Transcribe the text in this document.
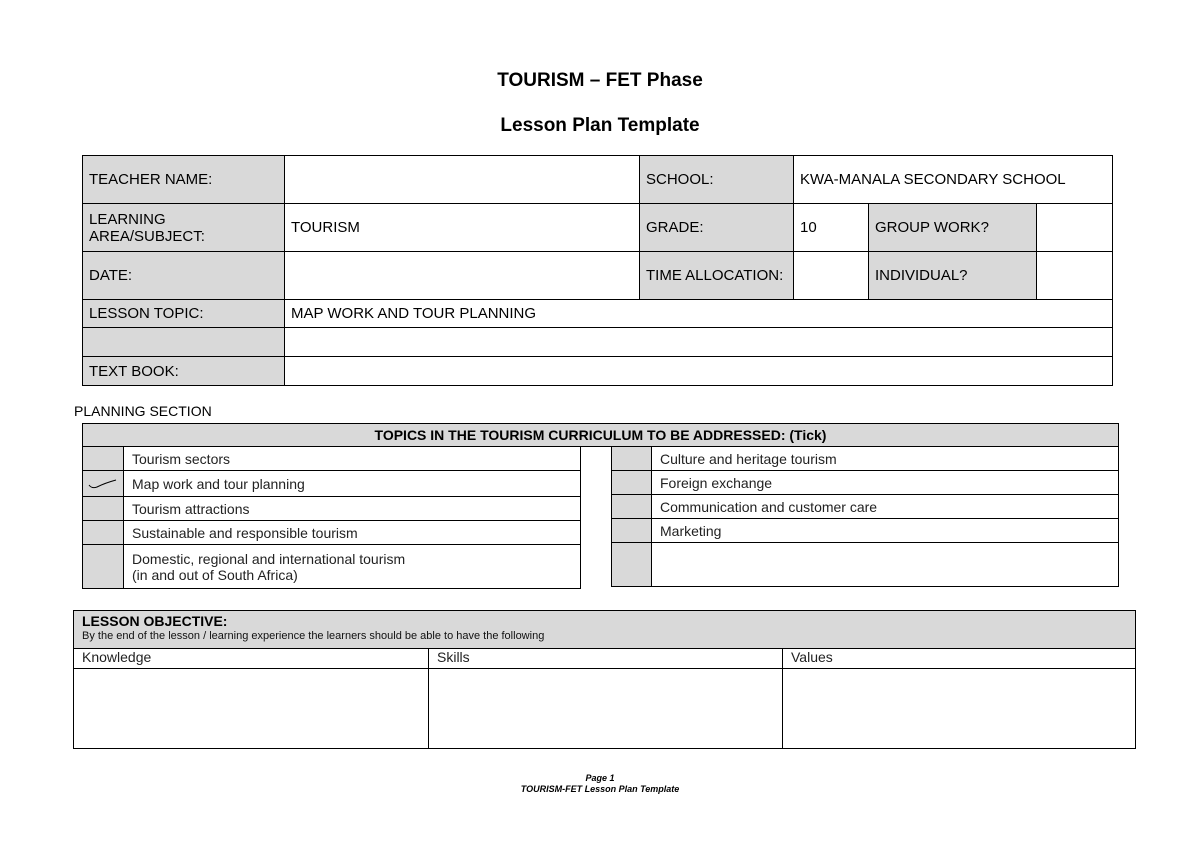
TOURISM – FET Phase
Lesson Plan Template
TEACHER NAME:		SCHOOL:	KWA-MANALA SECONDARY SCHOOL		
LEARNING AREA/SUBJECT:	TOURISM	GRADE:	10	GROUP WORK?	
DATE:		TIME ALLOCATION:		INDIVIDUAL?	
LESSON TOPIC:	MAP WORK AND TOUR PLANNING				

TEXT BOOK:					
PLANNING SECTION
TOPICS IN THE TOURISM CURRICULUM TO BE ADDRESSED: (Tick)
	Tourism sectors
	Map work and tour planning
	Tourism attractions
	Sustainable and responsible tourism
	Domestic, regional and international tourism
(in and out of South Africa)
	Culture and heritage tourism
	Foreign exchange
	Communication and customer care
	Marketing

LESSON OBJECTIVE:
By the end of the lesson / learning experience the learners should be able to have the following		

Knowledge	Skills	Values

Page 1
TOURISM-FET Lesson Plan Template
